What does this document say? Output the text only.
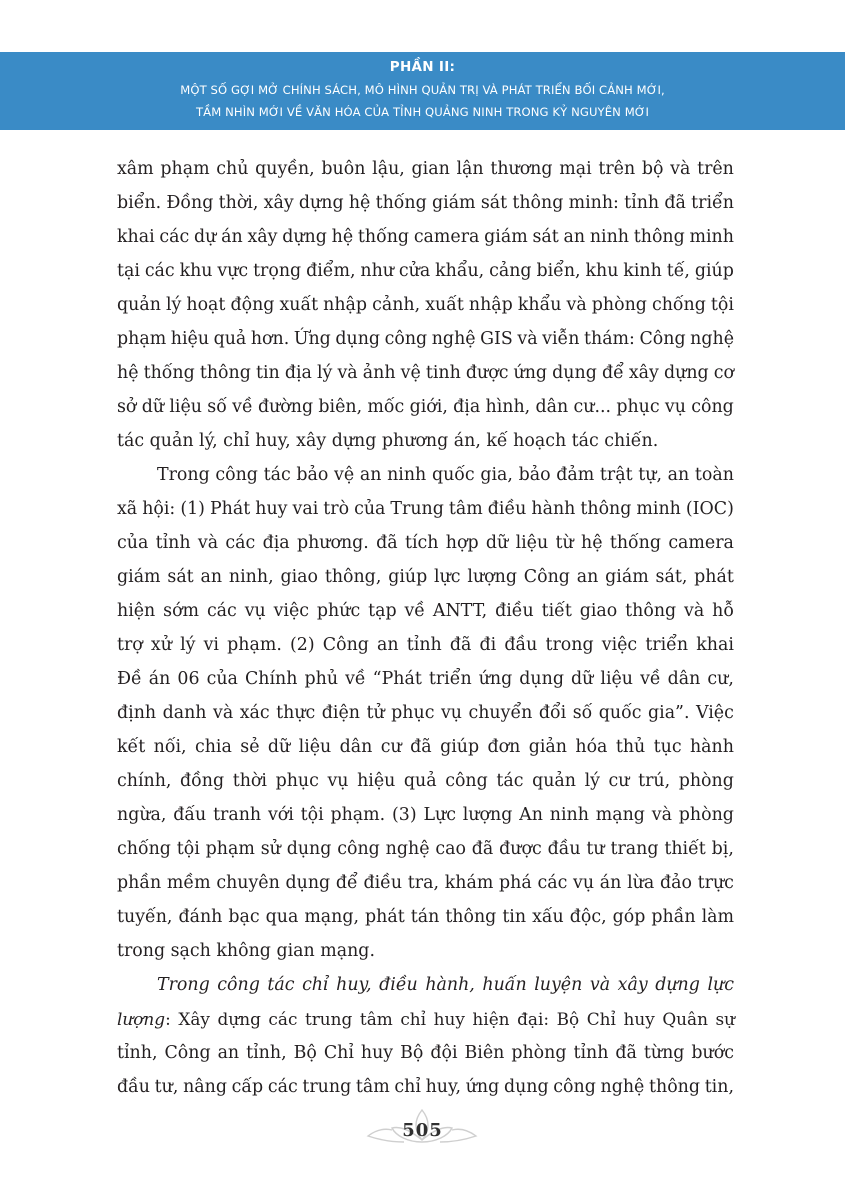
PHẦN II:
MỘT SỐ GỢI MỞ CHÍNH SÁCH, MÔ HÌNH QUẢN TRỊ VÀ PHÁT TRIỂN BỐI CẢNH MỚI,
TẦM NHÌN MỚI VỀ VĂN HÓA CỦA TỈNH QUẢNG NINH TRONG KỶ NGUYÊN MỚI
xâm phạm chủ quyền, buôn lậu, gian lận thương mại trên bộ và trên
biển. Đồng thời, xây dựng hệ thống giám sát thông minh: tỉnh đã triển
khai các dự án xây dựng hệ thống camera giám sát an ninh thông minh
tại các khu vực trọng điểm, như cửa khẩu, cảng biển, khu kinh tế, giúp
quản lý hoạt động xuất nhập cảnh, xuất nhập khẩu và phòng chống tội
phạm hiệu quả hơn. Ứng dụng công nghệ GIS và viễn thám: Công nghệ
hệ thống thông tin địa lý và ảnh vệ tinh được ứng dụng để xây dựng cơ
sở dữ liệu số về đường biên, mốc giới, địa hình, dân cư... phục vụ công
tác quản lý, chỉ huy, xây dựng phương án, kế hoạch tác chiến.
Trong công tác bảo vệ an ninh quốc gia, bảo đảm trật tự, an toàn
xã hội: (1) Phát huy vai trò của Trung tâm điều hành thông minh (IOC)
của tỉnh và các địa phương. đã tích hợp dữ liệu từ hệ thống camera
giám sát an ninh, giao thông, giúp lực lượng Công an giám sát, phát
hiện sớm các vụ việc phức tạp về ANTT, điều tiết giao thông và hỗ
trợ xử lý vi phạm. (2) Công an tỉnh đã đi đầu trong việc triển khai
Đề án 06 của Chính phủ về “Phát triển ứng dụng dữ liệu về dân cư,
định danh và xác thực điện tử phục vụ chuyển đổi số quốc gia”. Việc
kết nối, chia sẻ dữ liệu dân cư đã giúp đơn giản hóa thủ tục hành
chính, đồng thời phục vụ hiệu quả công tác quản lý cư trú, phòng
ngừa, đấu tranh với tội phạm. (3) Lực lượng An ninh mạng và phòng
chống tội phạm sử dụng công nghệ cao đã được đầu tư trang thiết bị,
phần mềm chuyên dụng để điều tra, khám phá các vụ án lừa đảo trực
tuyến, đánh bạc qua mạng, phát tán thông tin xấu độc, góp phần làm
trong sạch không gian mạng.
Trong công tác chỉ huy, điều hành, huấn luyện và xây dựng lực
lượng: Xây dựng các trung tâm chỉ huy hiện đại: Bộ Chỉ huy Quân sự
tỉnh, Công an tỉnh, Bộ Chỉ huy Bộ đội Biên phòng tỉnh đã từng bước
đầu tư, nâng cấp các trung tâm chỉ huy, ứng dụng công nghệ thông tin,
505
